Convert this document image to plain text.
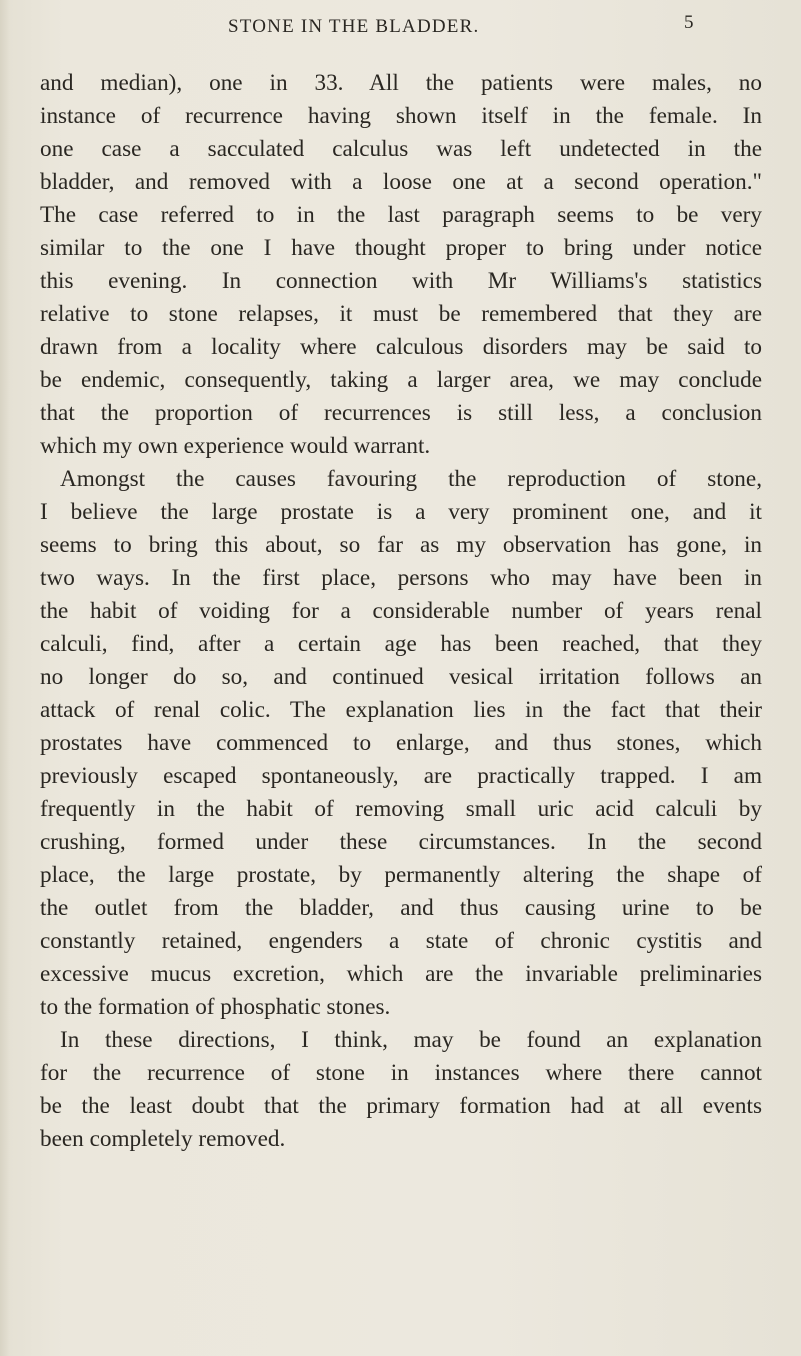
STONE IN THE BLADDER.	5
and median), one in 33. All the patients were males, no
instance of recurrence having shown itself in the female. In
one case a sacculated calculus was left undetected in the
bladder, and removed with a loose one at a second operation."
The case referred to in the last paragraph seems to be very
similar to the one I have thought proper to bring under notice
this evening. In connection with Mr Williams's statistics
relative to stone relapses, it must be remembered that they are
drawn from a locality where calculous disorders may be said to
be endemic, consequently, taking a larger area, we may conclude
that the proportion of recurrences is still less, a conclusion
which my own experience would warrant.
Amongst the causes favouring the reproduction of stone,
I believe the large prostate is a very prominent one, and it
seems to bring this about, so far as my observation has gone, in
two ways. In the first place, persons who may have been in
the habit of voiding for a considerable number of years renal
calculi, find, after a certain age has been reached, that they
no longer do so, and continued vesical irritation follows an
attack of renal colic. The explanation lies in the fact that their
prostates have commenced to enlarge, and thus stones, which
previously escaped spontaneously, are practically trapped. I am
frequently in the habit of removing small uric acid calculi by
crushing, formed under these circumstances. In the second
place, the large prostate, by permanently altering the shape of
the outlet from the bladder, and thus causing urine to be
constantly retained, engenders a state of chronic cystitis and
excessive mucus excretion, which are the invariable preliminaries
to the formation of phosphatic stones.
In these directions, I think, may be found an explanation
for the recurrence of stone in instances where there cannot
be the least doubt that the primary formation had at all events
been completely removed.
